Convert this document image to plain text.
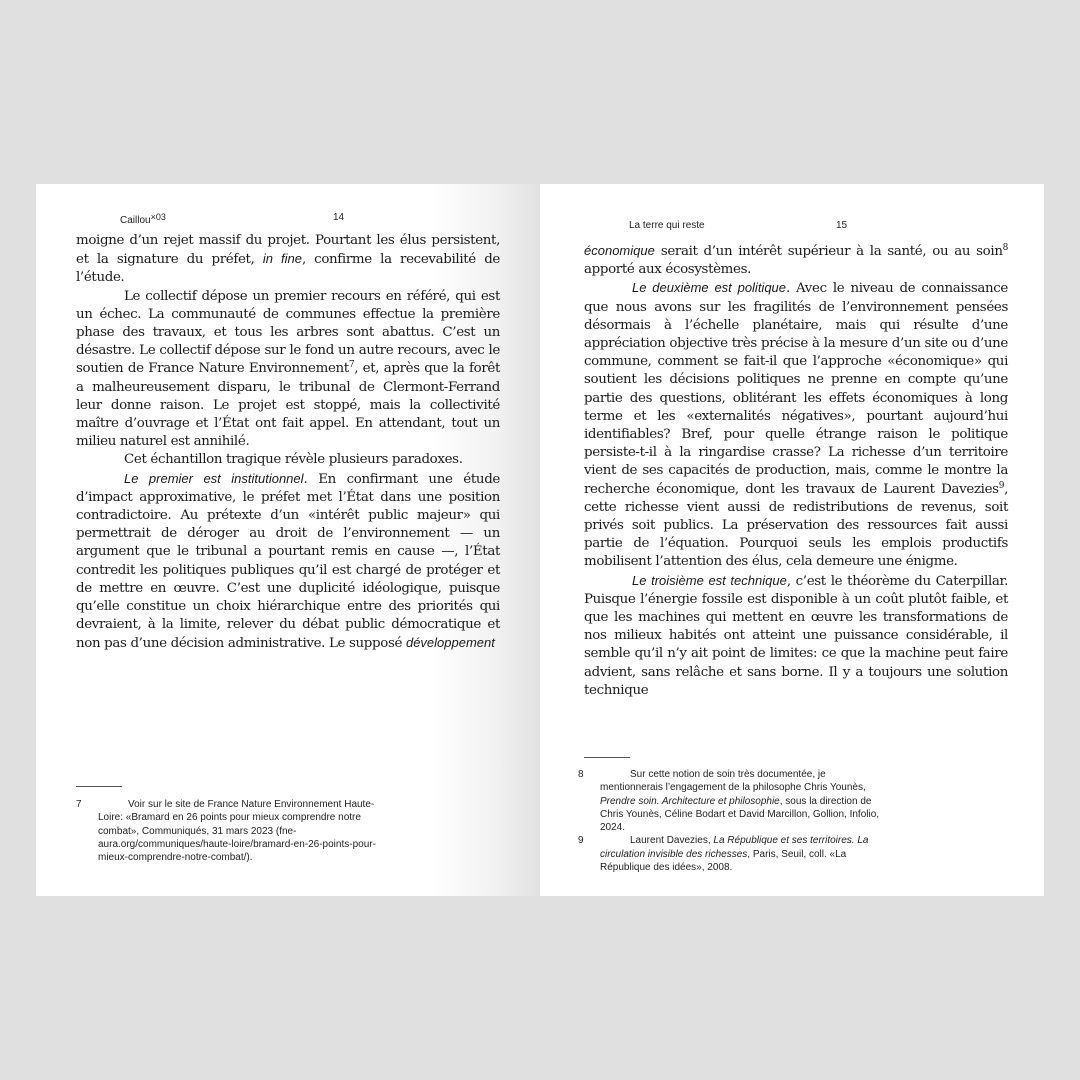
Caillou$^{\times 03}$	14

moigne d’un rejet massif du projet. Pourtant les élus persistent, et la signature du préfet, in fine, confirme la recevabilité de l’étude.

Le collectif dépose un premier recours en référé, qui est un échec. La communauté de communes effectue la première phase des travaux, et tous les arbres sont abattus. C’est un désastre. Le collectif dépose sur le fond un autre recours, avec le soutien de France Nature Environnement$^7$, et, après que la forêt a malheureusement disparu, le tribunal de Clermont-Ferrand leur donne raison. Le projet est stoppé, mais la collectivité maître d’ouvrage et l’État ont fait appel. En attendant, tout un milieu naturel est annihilé.

Cet échantillon tragique révèle plusieurs paradoxes.

Le premier est institutionnel. En confirmant une étude d’impact approximative, le préfet met l’État dans une position contradictoire. Au prétexte d’un «intérêt public majeur» qui permettrait de déroger au droit de l’environnement — un argument que le tribunal a pourtant remis en cause —, l’État contredit les politiques publiques qu’il est chargé de protéger et de mettre en œuvre. C’est une duplicité idéologique, puisque qu’elle constitue un choix hiérarchique entre des priorités qui devraient, à la limite, relever du débat public démocratique et non pas d’une décision administrative. Le supposé développement

7	Voir sur le site de France Nature Environnement Haute-Loire: «Bramard en 26 points pour mieux comprendre notre combat», Communiqués, 31 mars 2023 (fne-aura.org/communiques/haute-loire/bramard-en-26-points-pour-mieux-comprendre-notre-combat/).
La terre qui reste	15

économique serait d’un intérêt supérieur à la santé, ou au soin$^8$ apporté aux écosystèmes.

Le deuxième est politique. Avec le niveau de connaissance que nous avons sur les fragilités de l’environnement pensées désormais à l’échelle planétaire, mais qui résulte d’une appréciation objective très précise à la mesure d’un site ou d’une commune, comment se fait-il que l’approche «économique» qui soutient les décisions politiques ne prenne en compte qu’une partie des questions, oblitérant les effets économiques à long terme et les «externalités négatives», pourtant aujourd’hui identifiables? Bref, pour quelle étrange raison le politique persiste-t-il à la ringardise crasse? La richesse d’un territoire vient de ses capacités de production, mais, comme le montre la recherche économique, dont les travaux de Laurent Davezies$^9$, cette richesse vient aussi de redistributions de revenus, soit privés soit publics. La préservation des ressources fait aussi partie de l’équation. Pourquoi seuls les emplois productifs mobilisent l’attention des élus, cela demeure une énigme.

Le troisième est technique, c’est le théorème du Caterpillar. Puisque l’énergie fossile est disponible à un coût plutôt faible, et que les machines qui mettent en œuvre les transformations de nos milieux habités ont atteint une puissance considérable, il semble qu’il n’y ait point de limites: ce que la machine peut faire advient, sans relâche et sans borne. Il y a toujours une solution technique

8	Sur cette notion de soin très documentée, je mentionnerais l’engagement de la philosophe Chris Younès, Prendre soin. Architecture et philosophie, sous la direction de Chris Younès, Céline Bodart et David Marcillon, Gollion, Infolio, 2024.
9	Laurent Davezies, La République et ses territoires. La circulation invisible des richesses, Paris, Seuil, coll. «La République des idées», 2008.
